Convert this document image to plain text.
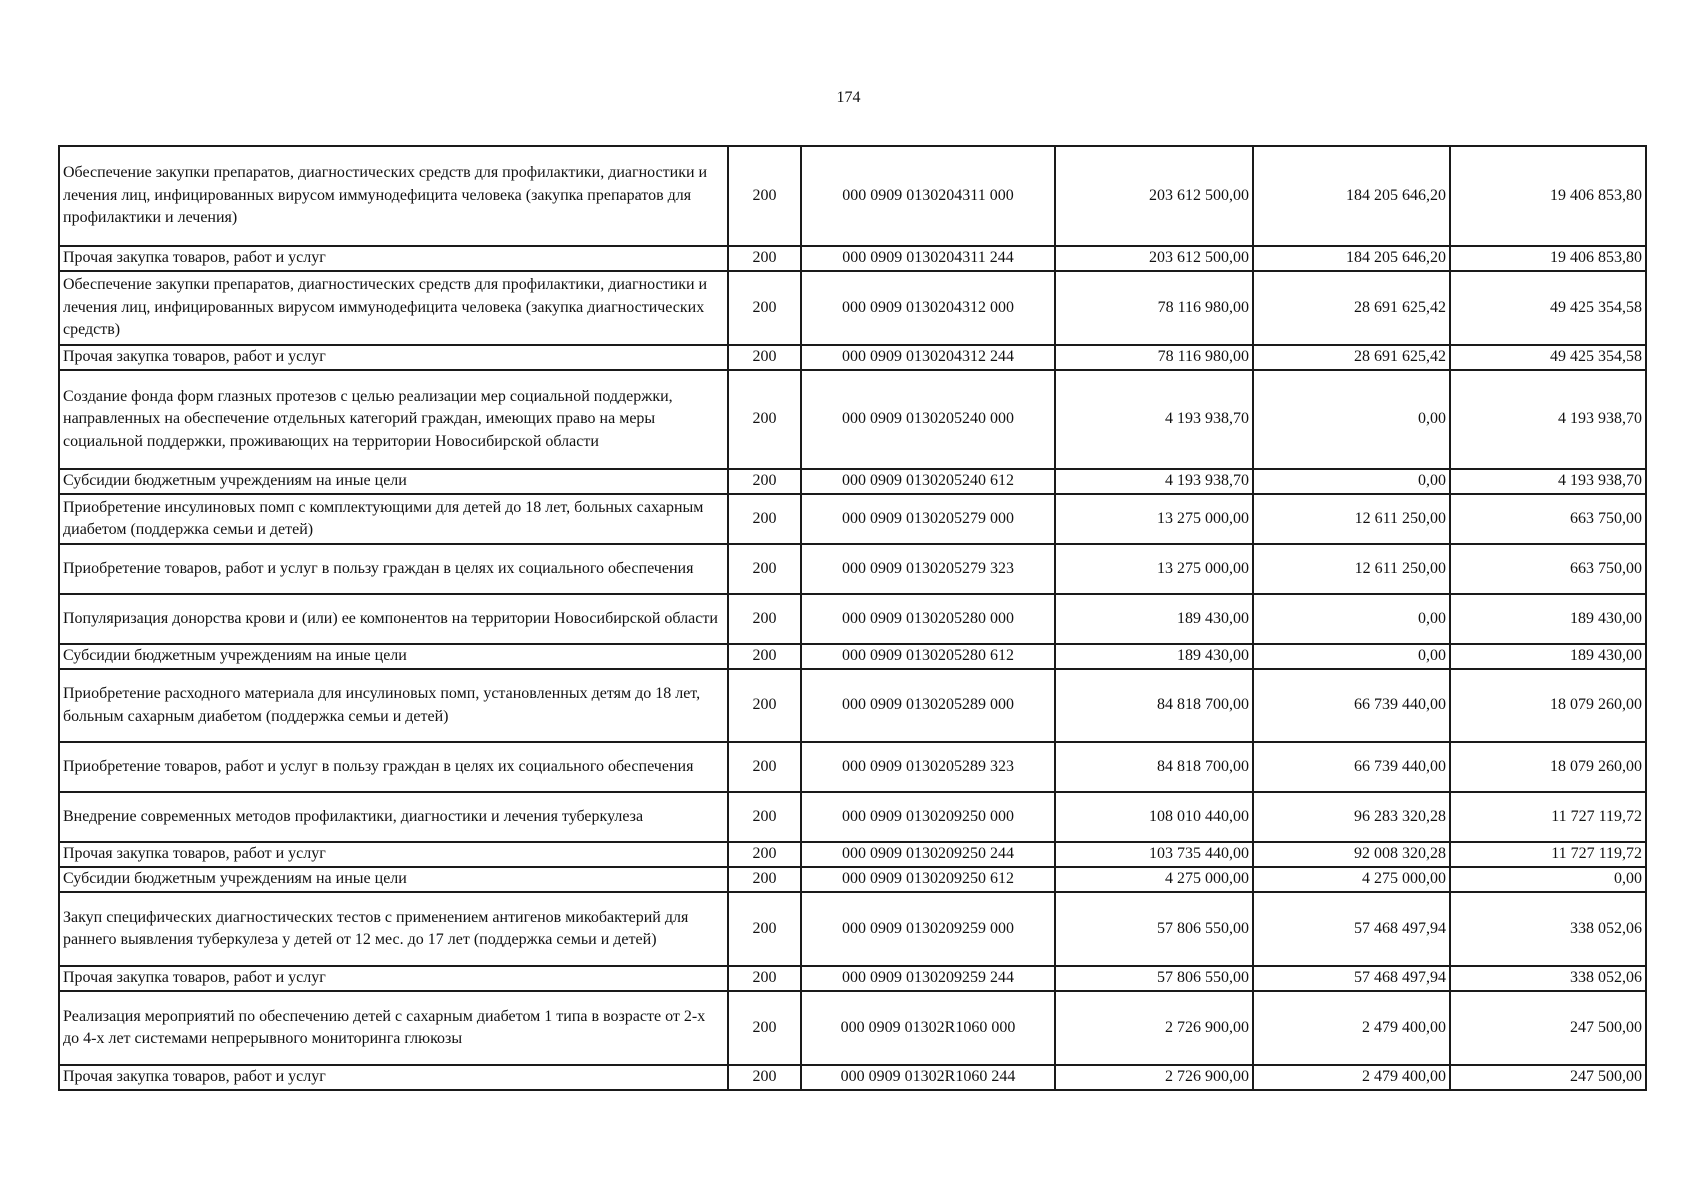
174
Обеспечение закупки препаратов, диагностических средств для профилактики, диагностики и лечения лиц, инфицированных вирусом иммунодефицита человека (закупка препаратов для профилактики и лечения)	200	000 0909 0130204311 000	203 612 500,00	184 205 646,20	19 406 853,80
Прочая закупка товаров, работ и услуг	200	000 0909 0130204311 244	203 612 500,00	184 205 646,20	19 406 853,80
Обеспечение закупки препаратов, диагностических средств для профилактики, диагностики и лечения лиц, инфицированных вирусом иммунодефицита человека (закупка диагностических средств)	200	000 0909 0130204312 000	78 116 980,00	28 691 625,42	49 425 354,58
Прочая закупка товаров, работ и услуг	200	000 0909 0130204312 244	78 116 980,00	28 691 625,42	49 425 354,58
Создание фонда форм глазных протезов с целью реализации мер социальной поддержки, направленных на обеспечение отдельных категорий граждан, имеющих право на меры социальной поддержки, проживающих на территории Новосибирской области	200	000 0909 0130205240 000	4 193 938,70	0,00	4 193 938,70
Субсидии бюджетным учреждениям на иные цели	200	000 0909 0130205240 612	4 193 938,70	0,00	4 193 938,70
Приобретение инсулиновых помп с комплектующими для детей до 18 лет, больных сахарным диабетом (поддержка семьи и детей)	200	000 0909 0130205279 000	13 275 000,00	12 611 250,00	663 750,00
Приобретение товаров, работ и услуг в пользу граждан в целях их социального обеспечения	200	000 0909 0130205279 323	13 275 000,00	12 611 250,00	663 750,00
Популяризация донорства крови и (или) ее компонентов на территории Новосибирской области	200	000 0909 0130205280 000	189 430,00	0,00	189 430,00
Субсидии бюджетным учреждениям на иные цели	200	000 0909 0130205280 612	189 430,00	0,00	189 430,00
Приобретение расходного материала для инсулиновых помп, установленных детям до 18 лет, больным сахарным диабетом (поддержка семьи и детей)	200	000 0909 0130205289 000	84 818 700,00	66 739 440,00	18 079 260,00
Приобретение товаров, работ и услуг в пользу граждан в целях их социального обеспечения	200	000 0909 0130205289 323	84 818 700,00	66 739 440,00	18 079 260,00
Внедрение современных методов профилактики, диагностики и лечения туберкулеза	200	000 0909 0130209250 000	108 010 440,00	96 283 320,28	11 727 119,72
Прочая закупка товаров, работ и услуг	200	000 0909 0130209250 244	103 735 440,00	92 008 320,28	11 727 119,72
Субсидии бюджетным учреждениям на иные цели	200	000 0909 0130209250 612	4 275 000,00	4 275 000,00	0,00
Закуп специфических диагностических тестов с применением антигенов микобактерий для раннего выявления туберкулеза у детей от 12 мес. до 17 лет (поддержка семьи и детей)	200	000 0909 0130209259 000	57 806 550,00	57 468 497,94	338 052,06
Прочая закупка товаров, работ и услуг	200	000 0909 0130209259 244	57 806 550,00	57 468 497,94	338 052,06
Реализация мероприятий по обеспечению детей с сахарным диабетом 1 типа в возрасте от 2-х до 4-х лет системами непрерывного мониторинга глюкозы	200	000 0909 01302R1060 000	2 726 900,00	2 479 400,00	247 500,00
Прочая закупка товаров, работ и услуг	200	000 0909 01302R1060 244	2 726 900,00	2 479 400,00	247 500,00
